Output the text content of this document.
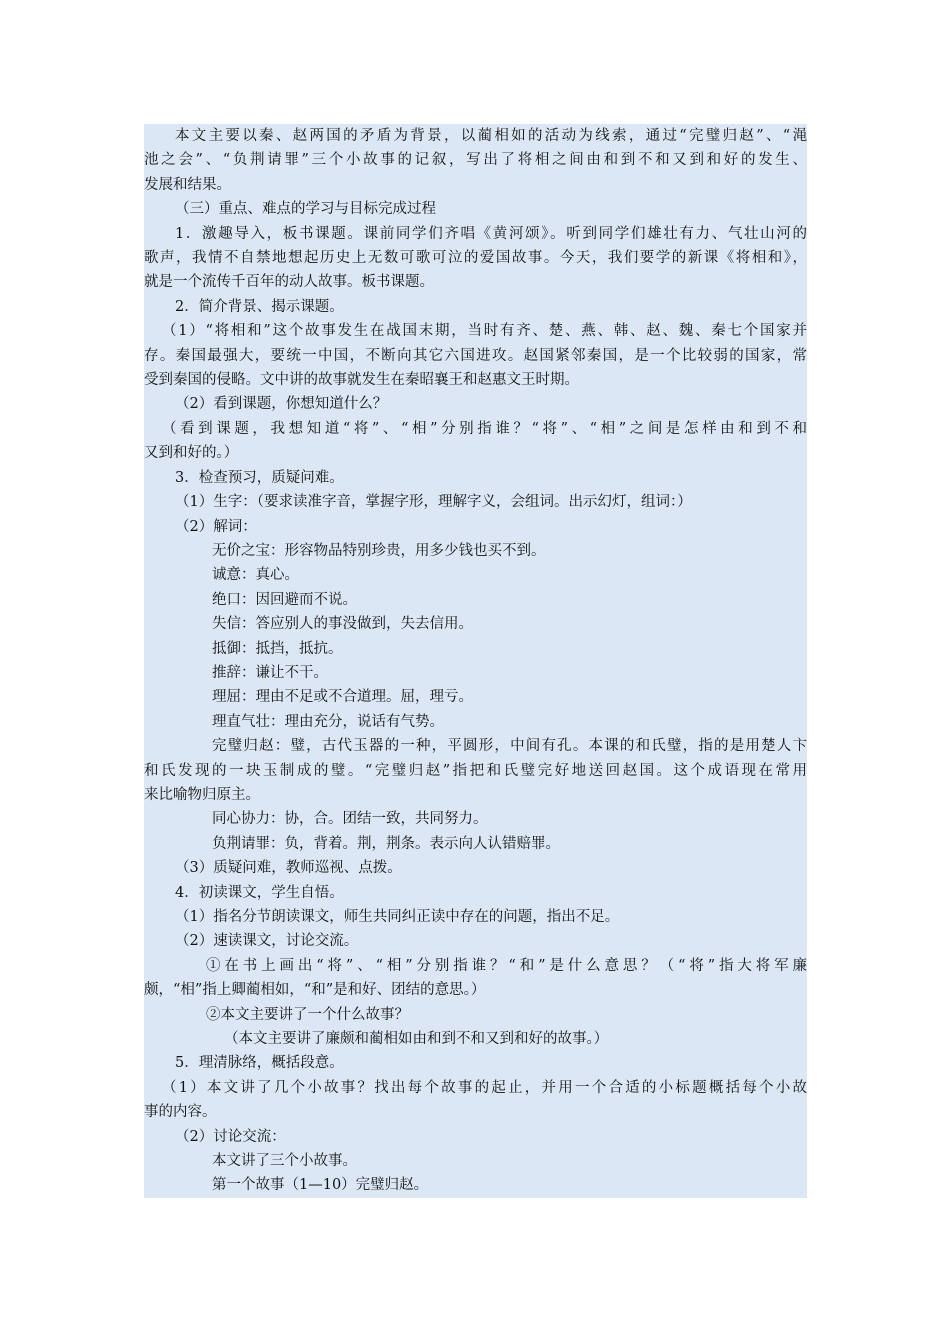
本文主要以秦、赵两国的矛盾为背景，以蔺相如的活动为线索，通过“完璧归赵”、“渑
池之会”、“负荆请罪”三个小故事的记叙，写出了将相之间由和到不和又到和好的发生、
发展和结果。
（三）重点、难点的学习与目标完成过程
1．激趣导入，板书课题。课前同学们齐唱《黄河颂》。听到同学们雄壮有力、气壮山河的
歌声，我情不自禁地想起历史上无数可歌可泣的爱国故事。今天，我们要学的新课《将相和》，
就是一个流传千百年的动人故事。板书课题。
2．简介背景、揭示课题。
（1）“将相和”这个故事发生在战国末期，当时有齐、楚、燕、韩、赵、魏、秦七个国家并
存。秦国最强大，要统一中国，不断向其它六国进攻。赵国紧邻秦国，是一个比较弱的国家，常
受到秦国的侵略。文中讲的故事就发生在秦昭襄王和赵惠文王时期。
（2）看到课题，你想知道什么？
（看到课题，我想知道“将”、“相”分别指谁？“将”、“相”之间是怎样由和到不和
又到和好的。）
3．检查预习，质疑问难。
（1）生字：（要求读准字音，掌握字形，理解字义，会组词。出示幻灯，组词：）
（2）解词：
无价之宝：形容物品特别珍贵，用多少钱也买不到。
诚意：真心。
绝口：因回避而不说。
失信：答应别人的事没做到，失去信用。
抵御：抵挡，抵抗。
推辞：谦让不干。
理屈：理由不足或不合道理。屈，理亏。
理直气壮：理由充分，说话有气势。
完璧归赵：璧，古代玉器的一种，平圆形，中间有孔。本课的和氏璧，指的是用楚人卞
和氏发现的一块玉制成的璧。“完璧归赵”指把和氏璧完好地送回赵国。这个成语现在常用
来比喻物归原主。
同心协力：协，合。团结一致，共同努力。
负荆请罪：负，背着。荆，荆条。表示向人认错赔罪。
（3）质疑问难，教师巡视、点拨。
4．初读课文，学生自悟。
（1）指名分节朗读课文，师生共同纠正读中存在的问题，指出不足。
（2）速读课文，讨论交流。
①在书上画出“将”、“相”分别指谁？“和”是什么意思？（“将”指大将军廉
颇，“相”指上卿蔺相如，“和”是和好、团结的意思。）
②本文主要讲了一个什么故事？
（本文主要讲了廉颇和蔺相如由和到不和又到和好的故事。）
5．理清脉络，概括段意。
（1）本文讲了几个小故事？找出每个故事的起止，并用一个合适的小标题概括每个小故
事的内容。
（2）讨论交流：
本文讲了三个小故事。
第一个故事（1—10）完璧归赵。
